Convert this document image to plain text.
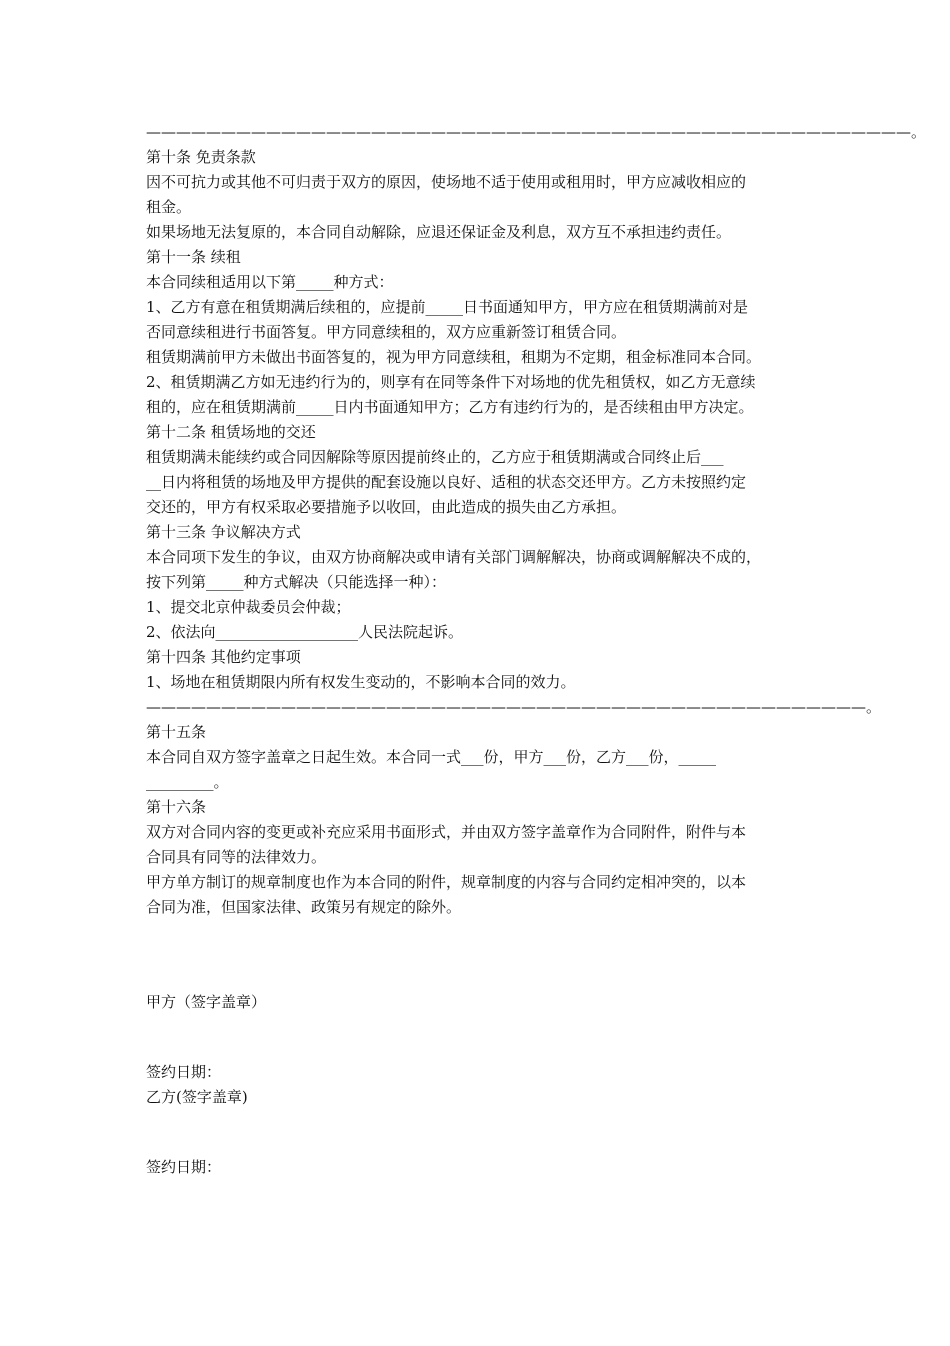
———————————————————————————————————————————————————。
第十条 免责条款
因不可抗力或其他不可归责于双方的原因，使场地不适于使用或租用时，甲方应减收相应的
租金。
如果场地无法复原的，本合同自动解除，应退还保证金及利息，双方互不承担违约责任。
第十一条 续租
本合同续租适用以下第_____种方式：
1、乙方有意在租赁期满后续租的，应提前_____日书面通知甲方，甲方应在租赁期满前对是
否同意续租进行书面答复。甲方同意续租的，双方应重新签订租赁合同。
租赁期满前甲方未做出书面答复的，视为甲方同意续租，租期为不定期，租金标准同本合同。
2、租赁期满乙方如无违约行为的，则享有在同等条件下对场地的优先租赁权，如乙方无意续
租的，应在租赁期满前_____日内书面通知甲方；乙方有违约行为的，是否续租由甲方决定。
第十二条 租赁场地的交还
租赁期满未能续约或合同因解除等原因提前终止的，乙方应于租赁期满或合同终止后___
__日内将租赁的场地及甲方提供的配套设施以良好、适租的状态交还甲方。乙方未按照约定
交还的，甲方有权采取必要措施予以收回，由此造成的损失由乙方承担。
第十三条 争议解决方式
本合同项下发生的争议，由双方协商解决或申请有关部门调解解决，协商或调解解决不成的，
按下列第_____种方式解决（只能选择一种）：
1、提交北京仲裁委员会仲裁；
2、依法向___________________人民法院起诉。
第十四条 其他约定事项
1、场地在租赁期限内所有权发生变动的，不影响本合同的效力。
————————————————————————————————————————————————。
第十五条
本合同自双方签字盖章之日起生效。本合同一式___份，甲方___份，乙方___份，_____
_________。
第十六条
双方对合同内容的变更或补充应采用书面形式，并由双方签字盖章作为合同附件，附件与本
合同具有同等的法律效力。
甲方单方制订的规章制度也作为本合同的附件，规章制度的内容与合同约定相冲突的，以本
合同为准，但国家法律、政策另有规定的除外。
甲方（签字盖章）
签约日期：
乙方(签字盖章)
签约日期：
